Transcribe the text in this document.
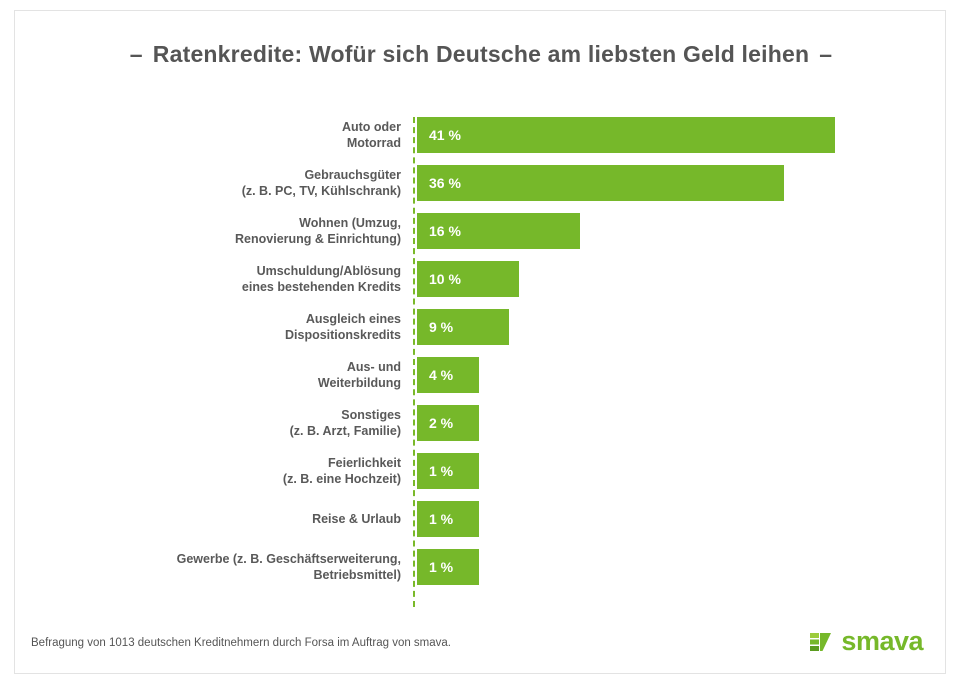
– Ratenkredite: Wofür sich Deutsche am liebsten Geld leihen –
Auto oder
Motorrad 41 %
Gebrauchsgüter
(z. B. PC, TV, Kühlschrank) 36 %
Wohnen (Umzug,
Renovierung & Einrichtung) 16 %
Umschuldung/Ablösung
eines bestehenden Kredits 10 %
Ausgleich eines
Dispositionskredits 9 %
Aus- und
Weiterbildung 4 %
Sonstiges
(z. B. Arzt, Familie) 2 %
Feierlichkeit
(z. B. eine Hochzeit) 1 %
Reise & Urlaub 1 %
Gewerbe (z. B. Geschäftserweiterung,
Betriebsmittel) 1 %
Befragung von 1013 deutschen Kreditnehmern durch Forsa im Auftrag von smava.	smava
